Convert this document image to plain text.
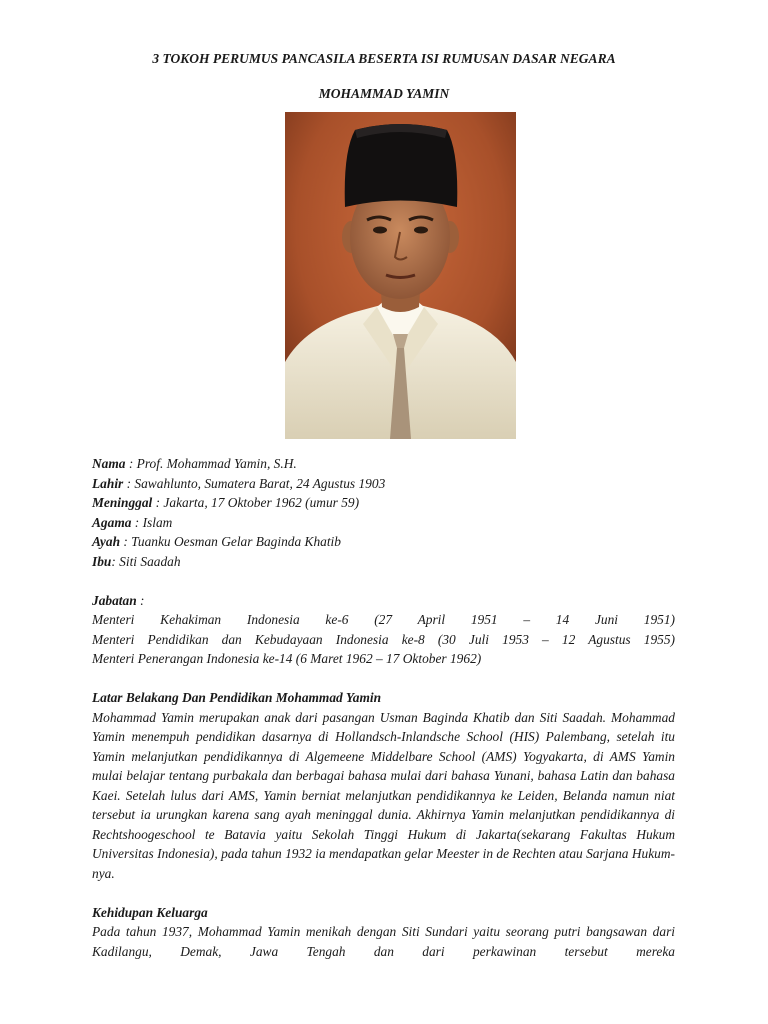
3 TOKOH PERUMUS PANCASILA BESERTA ISI RUMUSAN DASAR NEGARA
MOHAMMAD YAMIN
Nama : Prof. Mohammad Yamin, S.H.
Lahir : Sawahlunto, Sumatera Barat, 24 Agustus 1903
Meninggal : Jakarta, 17 Oktober 1962 (umur 59)
Agama : Islam
Ayah : Tuanku Oesman Gelar Baginda Khatib
Ibu: Siti Saadah
Jabatan :
Menteri Kehakiman Indonesia ke-6 (27 April 1951 – 14 Juni 1951)
Menteri Pendidikan dan Kebudayaan Indonesia ke-8 (30 Juli 1953 – 12 Agustus 1955)
Menteri Penerangan Indonesia ke-14 (6 Maret 1962 – 17 Oktober 1962)
Latar Belakang Dan Pendidikan Mohammad Yamin
Mohammad Yamin merupakan anak dari pasangan Usman Baginda Khatib dan Siti Saadah. Mohammad Yamin menempuh pendidikan dasarnya di Hollandsch-Inlandsche School (HIS) Palembang, setelah itu Yamin melanjutkan pendidikannya di Algemeene Middelbare School (AMS) Yogyakarta, di AMS Yamin mulai belajar tentang purbakala dan berbagai bahasa mulai dari bahasa Yunani, bahasa Latin dan bahasa Kaei. Setelah lulus dari AMS, Yamin berniat melanjutkan pendidikannya ke Leiden, Belanda namun niat tersebut ia urungkan karena sang ayah meninggal dunia. Akhirnya Yamin melanjutkan pendidikannya di Rechtshoogeschool te Batavia yaitu Sekolah Tinggi Hukum di Jakarta(sekarang Fakultas Hukum Universitas Indonesia), pada tahun 1932 ia mendapatkan gelar Meester in de Rechten atau Sarjana Hukum-nya.
Kehidupan Keluarga
Pada tahun 1937, Mohammad Yamin menikah dengan Siti Sundari yaitu seorang putri bangsawan dari Kadilangu, Demak, Jawa Tengah dan dari perkawinan tersebut mereka
